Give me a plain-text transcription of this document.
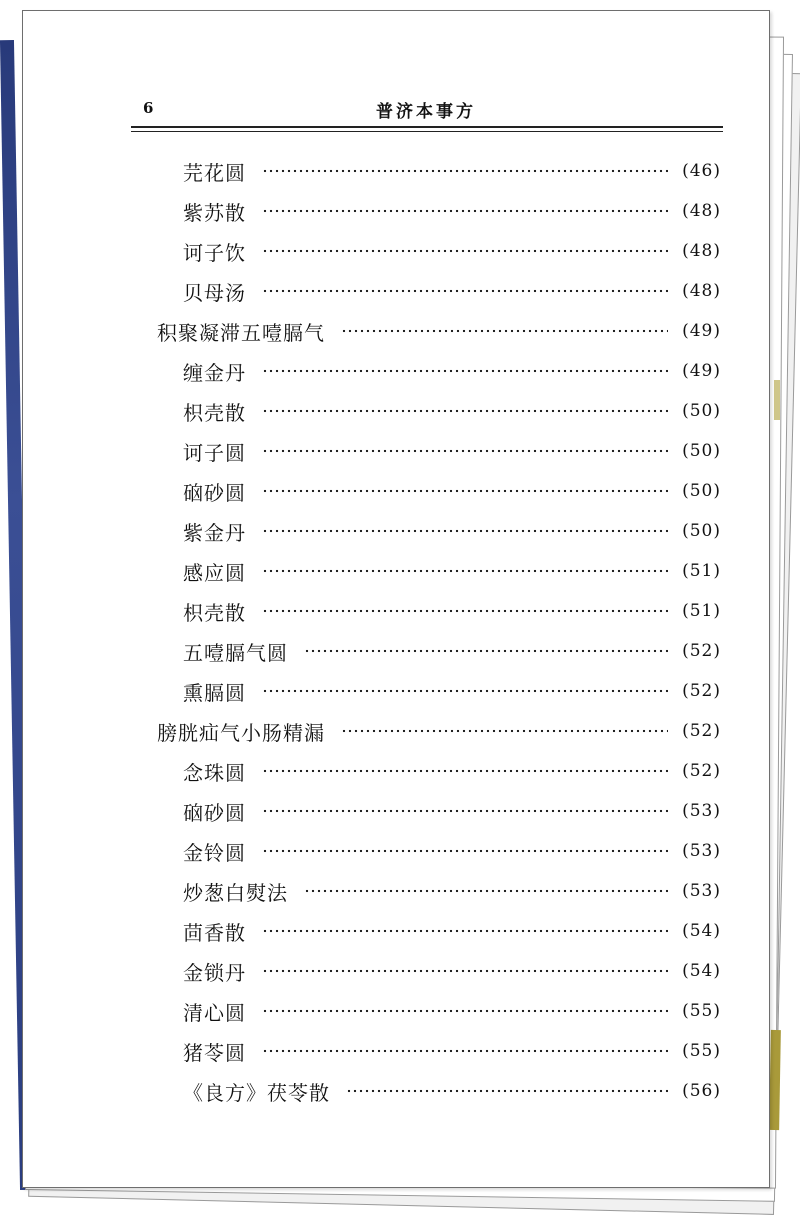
6	普济本事方
芫花圆	(46)
紫苏散	(48)
诃子饮	(48)
贝母汤	(48)
积聚凝滞五噎膈气	(49)
缠金丹	(49)
枳壳散	(50)
诃子圆	(50)
硇砂圆	(50)
紫金丹	(50)
感应圆	(51)
枳壳散	(51)
五噎膈气圆	(52)
熏膈圆	(52)
膀胱疝气小肠精漏	(52)
念珠圆	(52)
硇砂圆	(53)
金铃圆	(53)
炒葱白熨法	(53)
茴香散	(54)
金锁丹	(54)
清心圆	(55)
猪苓圆	(55)
《良方》茯苓散	(56)
